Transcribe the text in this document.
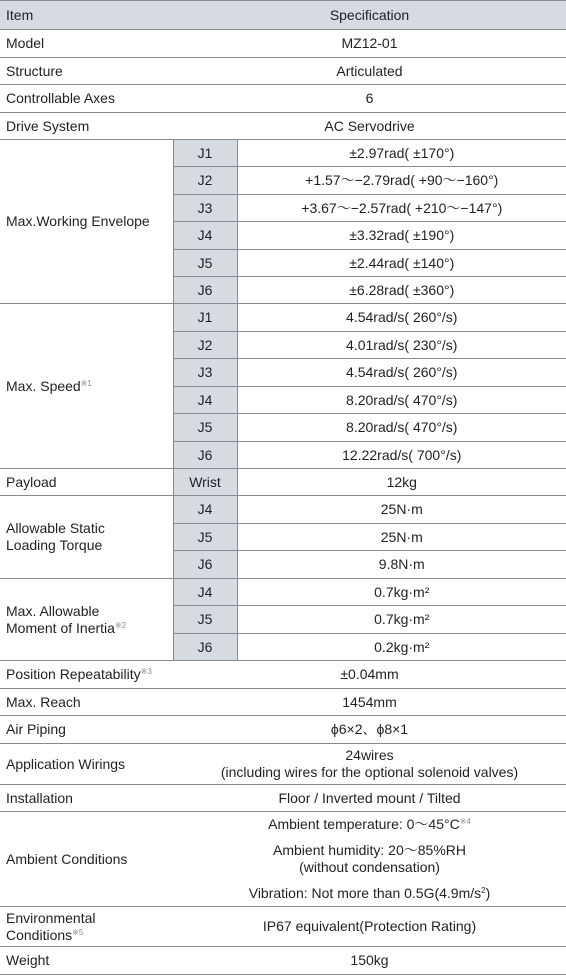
Item	Specification	
Model	MZ12-01	
Structure	Articulated	
Controllable Axes	6	
Drive System	AC Servodrive	
Max.Working Envelope	J1	±2.97rad( ±170°)
	J2	+1.57〜−2.79rad( +90〜−160°)
	J3	+3.67〜−2.57rad( +210〜−147°)
	J4	±3.32rad( ±190°)
	J5	±2.44rad( ±140°)
	J6	±6.28rad( ±360°)
Max. Speed$^{※1}$	J1	4.54rad/s( 260°/s)
	J2	4.01rad/s( 230°/s)
	J3	4.54rad/s( 260°/s)
	J4	8.20rad/s( 470°/s)
	J5	8.20rad/s( 470°/s)
	J6	12.22rad/s( 700°/s)
Payload	Wrist	12kg
Allowable Static
Loading Torque	J4	25N·m
	J5	25N·m
	J6	9.8N·m
Max. Allowable
Moment of Inertia$^{※2}$	J4	0.7kg·m²
	J5	0.7kg·m²
	J6	0.2kg·m²
Position Repeatability$^{※3}$	±0.04mm	
Max. Reach	1454mm	
Air Piping	ϕ6×2、ϕ8×1	
Application Wirings	24wires
(including wires for the optional solenoid valves)	
Installation	Floor / Inverted mount / Tilted	
Ambient Conditions	Ambient temperature: 0〜$45^\circ C^{※4}$
Ambient humidity: 20〜85%RH
(without condensation)
Vibration: Not more than $0.5G(4.9m/s^2)$	

Environmental
Conditions$^{※5}$	IP67 equivalent(Protection Rating)	
Weight	150kg	
